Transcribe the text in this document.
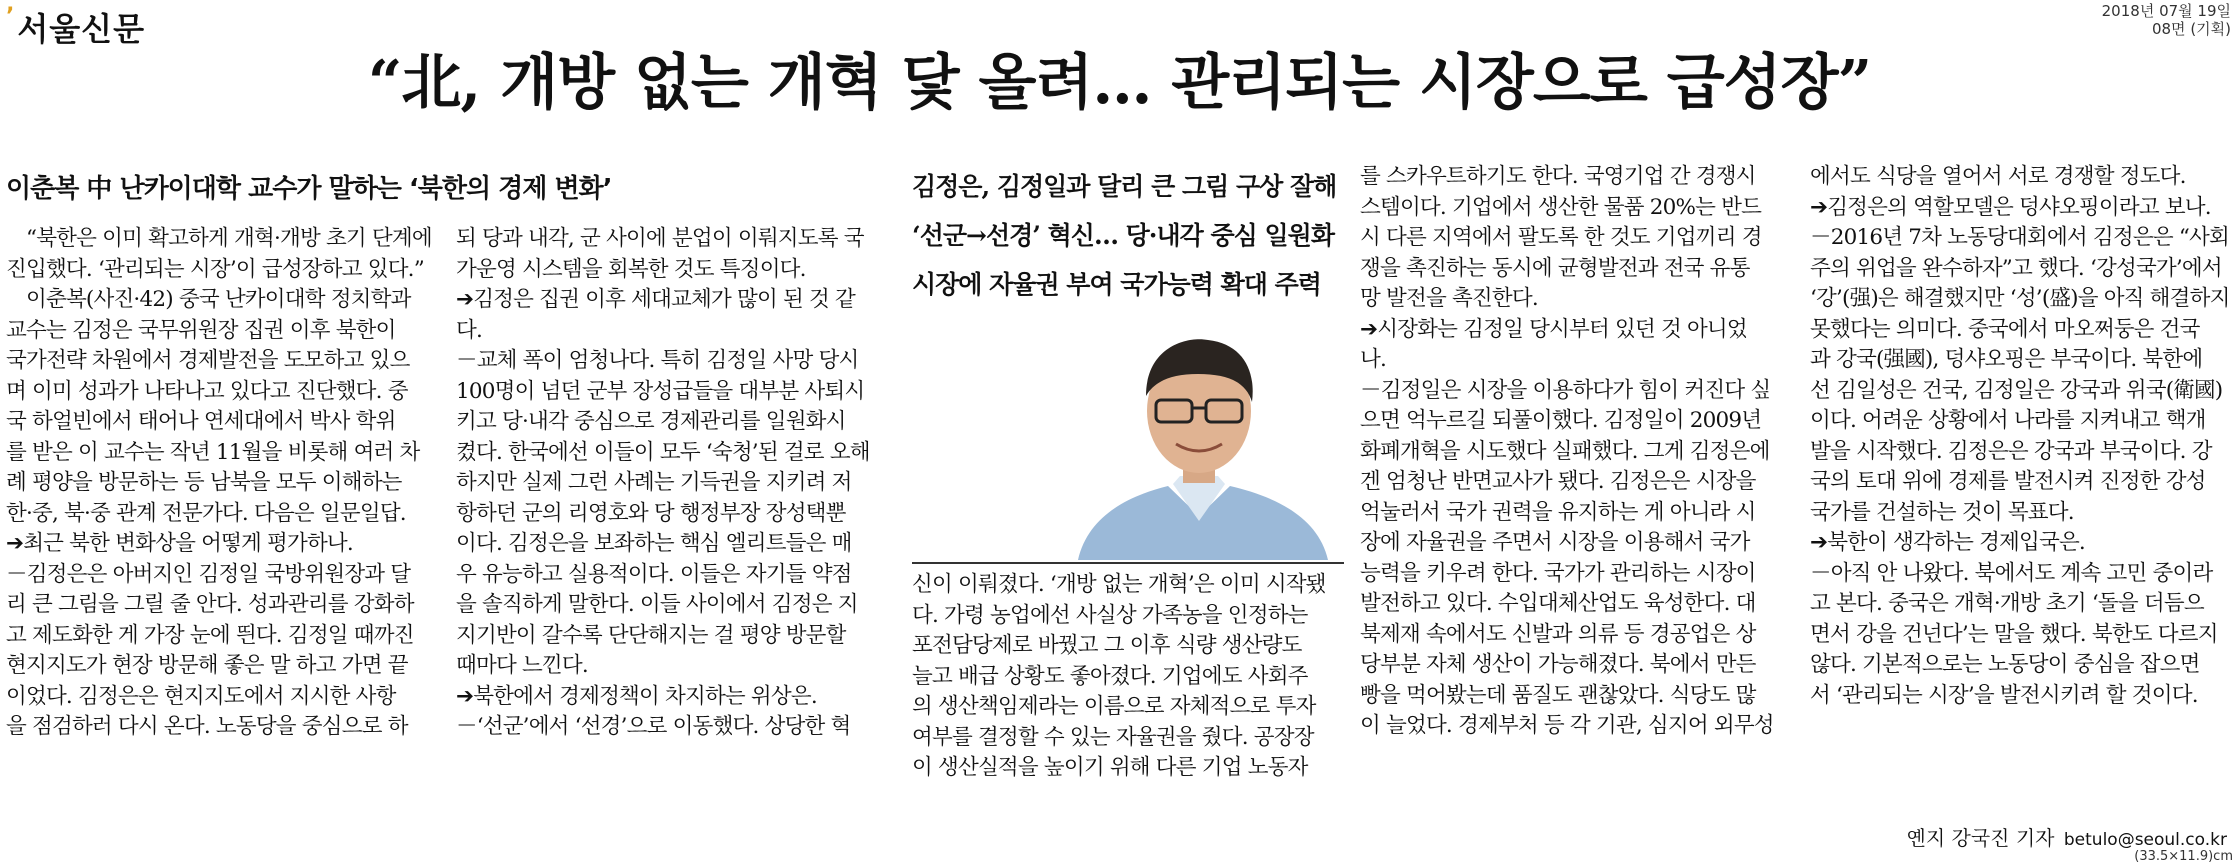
’서울신문	2018년 07월 19일
08면 (기획)
“北, 개방 없는 개혁 닻 올려… 관리되는 시장으로 급성장”
이춘복 中 난카이대학 교수가 말하는 ‘북한의 경제 변화’

“북한은 이미 확고하게 개혁·개방 초기 단계에

진입했다. ‘관리되는 시장’이 급성장하고 있다.”

이춘복(사진·42) 중국 난카이대학 정치학과

교수는 김정은 국무위원장 집권 이후 북한이

국가전략 차원에서 경제발전을 도모하고 있으

며 이미 성과가 나타나고 있다고 진단했다. 중

국 하얼빈에서 태어나 연세대에서 박사 학위

를 받은 이 교수는 작년 11월을 비롯해 여러 차

례 평양을 방문하는 등 남북을 모두 이해하는

한·중, 북·중 관계 전문가다. 다음은 일문일답.

➔최근 북한 변화상을 어떻게 평가하나.

－김정은은 아버지인 김정일 국방위원장과 달

리 큰 그림을 그릴 줄 안다. 성과관리를 강화하

고 제도화한 게 가장 눈에 띈다. 김정일 때까진

현지지도가 현장 방문해 좋은 말 하고 가면 끝

이었다. 김정은은 현지지도에서 지시한 사항

을 점검하러 다시 온다. 노동당을 중심으로 하

되 당과 내각, 군 사이에 분업이 이뤄지도록 국

가운영 시스템을 회복한 것도 특징이다.

➔김정은 집권 이후 세대교체가 많이 된 것 같

다.

－교체 폭이 엄청나다. 특히 김정일 사망 당시

100명이 넘던 군부 장성급들을 대부분 사퇴시

키고 당·내각 중심으로 경제관리를 일원화시

켰다. 한국에선 이들이 모두 ‘숙청’된 걸로 오해

하지만 실제 그런 사례는 기득권을 지키려 저

항하던 군의 리영호와 당 행정부장 장성택뿐

이다. 김정은을 보좌하는 핵심 엘리트들은 매

우 유능하고 실용적이다. 이들은 자기들 약점

을 솔직하게 말한다. 이들 사이에서 김정은 지

지기반이 갈수록 단단해지는 걸 평양 방문할

때마다 느낀다.

➔북한에서 경제정책이 차지하는 위상은.

－‘선군’에서 ‘선경’으로 이동했다. 상당한 혁

김정은, 김정일과 달리 큰 그림 구상 잘해
‘선군→선경’ 혁신… 당·내각 중심 일원화
시장에 자율권 부여 국가능력 확대 주력

신이 이뤄졌다. ‘개방 없는 개혁’은 이미 시작됐

다. 가령 농업에선 사실상 가족농을 인정하는

포전담당제로 바꿨고 그 이후 식량 생산량도

늘고 배급 상황도 좋아졌다. 기업에도 사회주

의 생산책임제라는 이름으로 자체적으로 투자

여부를 결정할 수 있는 자율권을 줬다. 공장장

이 생산실적을 높이기 위해 다른 기업 노동자

를 스카우트하기도 한다. 국영기업 간 경쟁시

스템이다. 기업에서 생산한 물품 20%는 반드

시 다른 지역에서 팔도록 한 것도 기업끼리 경

쟁을 촉진하는 동시에 균형발전과 전국 유통

망 발전을 촉진한다.

➔시장화는 김정일 당시부터 있던 것 아니었

나.

－김정일은 시장을 이용하다가 힘이 커진다 싶

으면 억누르길 되풀이했다. 김정일이 2009년

화폐개혁을 시도했다 실패했다. 그게 김정은에

겐 엄청난 반면교사가 됐다. 김정은은 시장을

억눌러서 국가 권력을 유지하는 게 아니라 시

장에 자율권을 주면서 시장을 이용해서 국가

능력을 키우려 한다. 국가가 관리하는 시장이

발전하고 있다. 수입대체산업도 육성한다. 대

북제재 속에서도 신발과 의류 등 경공업은 상

당부분 자체 생산이 가능해졌다. 북에서 만든

빵을 먹어봤는데 품질도 괜찮았다. 식당도 많

이 늘었다. 경제부처 등 각 기관, 심지어 외무성

에서도 식당을 열어서 서로 경쟁할 정도다.

➔김정은의 역할모델은 덩샤오핑이라고 보나.

－2016년 7차 노동당대회에서 김정은은 “사회

주의 위업을 완수하자”고 했다. ‘강성국가’에서

‘강’(强)은 해결했지만 ‘성’(盛)을 아직 해결하지

못했다는 의미다. 중국에서 마오쩌둥은 건국

과 강국(强國), 덩샤오핑은 부국이다. 북한에

선 김일성은 건국, 김정일은 강국과 위국(衛國)

이다. 어려운 상황에서 나라를 지켜내고 핵개

발을 시작했다. 김정은은 강국과 부국이다. 강

국의 토대 위에 경제를 발전시켜 진정한 강성

국가를 건설하는 것이 목표다.

➔북한이 생각하는 경제입국은.

－아직 안 나왔다. 북에서도 계속 고민 중이라

고 본다. 중국은 개혁·개방 초기 ‘돌을 더듬으

면서 강을 건넌다’는 말을 했다. 북한도 다르지

않다. 기본적으로는 노동당이 중심을 잡으면

서 ‘관리되는 시장’을 발전시키려 할 것이다.

옌지 강국진 기자 betulo@seoul.co.kr
(33.5×11.9)cm
